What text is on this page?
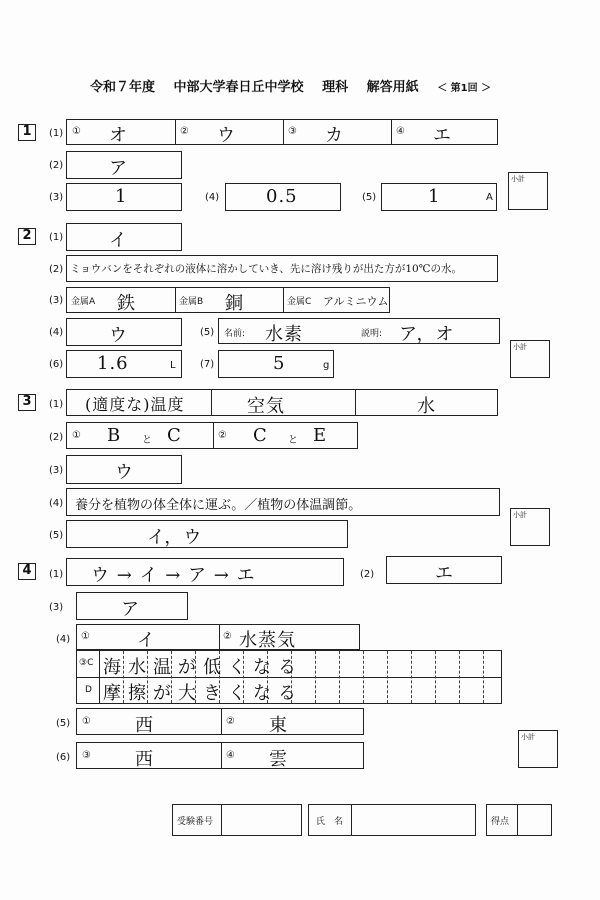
令和７年度 中部大学春日丘中学校 理科 解答用紙 ＜ 第1回 ＞
1	(1) ① オ	② ウ	③ カ	④ エ
(2)	ア
(3)	1	(4)	0.5	(5)	1	A
小計
2	(1)	イ
(2) ミョウバンをそれぞれの液体に溶かしていき、先に溶け残りが出た方が10℃の水。
(3) 金属A 鉄	金属B 銅	金属C アルミニウム
(4)	ウ	(5) 名前: 水素	説明: ア，オ
(6) 1.6	L (7)	5	g
小計
3	(1) (適度な)温度	空気	水
(2) ① B と C	② C と E
(3)	ウ
(4) 養分を植物の体全体に運ぶ。／植物の体温調節。
(5)	イ，ウ
小計
4	(1) ウ → イ → ア → エ	(2)	エ
(3)	ア
(4) ①	イ	② 水蒸気
③C 海水温が低くなる
D 摩擦が大きくなる
(5) ① 西	② 東
(6) ③ 西	④ 雲
小計
受験番号	氏　名	得点
